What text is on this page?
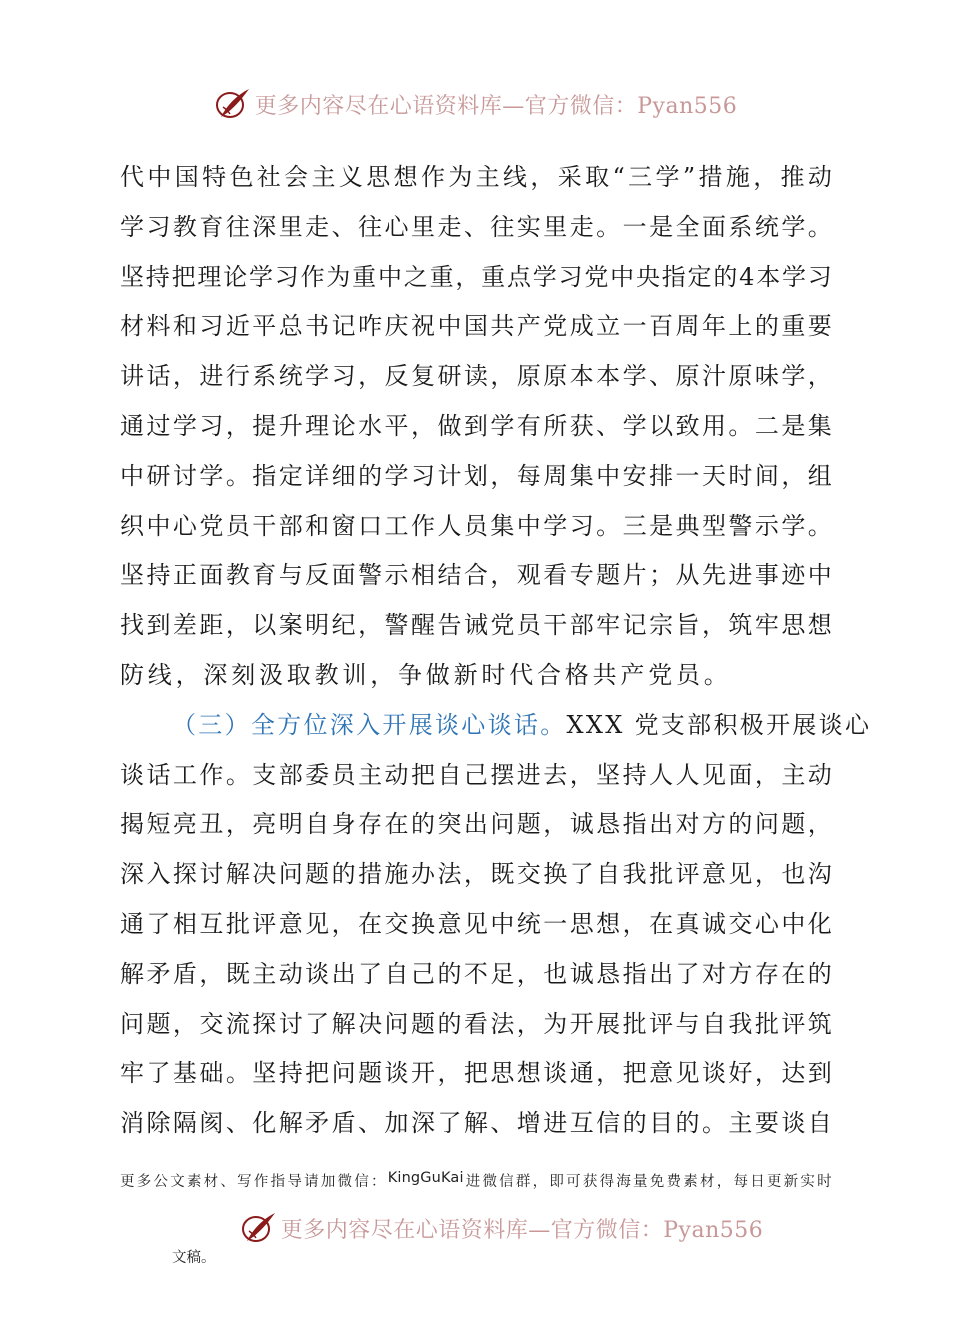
更多内容尽在心语资料库—官方微信：Pyan556
代 中 国 特 色 社 会 主 义 思 想 作 为 主 线 ， 采 取 “ 三 学 ” 措 施 ， 推 动
学 习 教 育 往 深 里 走 、 往 心 里 走 、 往 实 里 走 。 一 是 全 面 系 统 学 。
坚 持 把 理 论 学 习 作 为 重 中 之 重 ， 重 点 学 习 党 中 央 指 定 的 4 本 学 习
材 料 和 习 近 平 总 书 记 咋 庆 祝 中 国 共 产 党 成 立 一 百 周 年 上 的 重 要
讲 话 ， 进 行 系 统 学 习 ， 反 复 研 读 ， 原 原 本 本 学 、 原 汁 原 味 学 ，
通 过 学 习 ， 提 升 理 论 水 平 ， 做 到 学 有 所 获 、 学 以 致 用 。 二 是 集
中 研 讨 学 。 指 定 详 细 的 学 习 计 划 ， 每 周 集 中 安 排 一 天 时 间 ， 组
织 中 心 党 员 干 部 和 窗 口 工 作 人 员 集 中 学 习 。 三 是 典 型 警 示 学 。
坚 持 正 面 教 育 与 反 面 警 示 相 结 合 ， 观 看 专 题 片 ； 从 先 进 事 迹 中
找 到 差 距 ， 以 案 明 纪 ， 警 醒 告 诫 党 员 干 部 牢 记 宗 旨 ， 筑 牢 思 想
防线，深刻汲取教训，争做新时代合格共产党员。
（三）全方位深入开展谈心谈话。 XXX 党支部积极开展谈心
谈 话 工 作 。 支 部 委 员 主 动 把 自 己 摆 进 去 ， 坚 持 人 人 见 面 ， 主 动
揭 短 亮 丑 ， 亮 明 自 身 存 在 的 突 出 问 题 ， 诚 恳 指 出 对 方 的 问 题 ，
深 入 探 讨 解 决 问 题 的 措 施 办 法 ， 既 交 换 了 自 我 批 评 意 见 ， 也 沟
通 了 相 互 批 评 意 见 ， 在 交 换 意 见 中 统 一 思 想 ， 在 真 诚 交 心 中 化
解 矛 盾 ， 既 主 动 谈 出 了 自 己 的 不 足 ， 也 诚 恳 指 出 了 对 方 存 在 的
问 题 ， 交 流 探 讨 了 解 决 问 题 的 看 法 ， 为 开 展 批 评 与 自 我 批 评 筑
牢 了 基 础 。 坚 持 把 问 题 谈 开 ， 把 思 想 谈 通 ， 把 意 见 谈 好 ， 达 到
消 除 隔 阂 、 化 解 矛 盾 、 加 深 了 解 、 增 进 互 信 的 目 的 。 主 要 谈 自
更 多 公 文 素 材 、 写 作 指 导 请 加 微 信 ： KingGuKai 进 微 信 群 ， 即 可 获 得 海 量 免 费 素 材 ， 每 日 更 新 实 时
更多内容尽在心语资料库—官方微信：Pyan556
文稿。
